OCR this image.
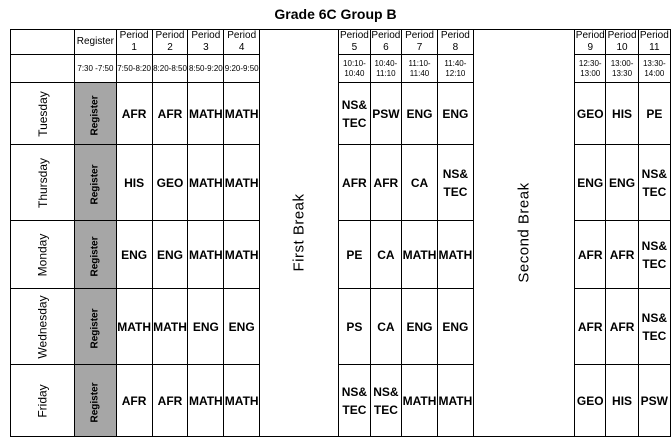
Grade 6C Group B
	Register	Period 1	Period 2	Period 3	Period 4	First Break	Period 5	Period 6	Period 7	Period 8	Second Break	Period 9	Period 10	Period 11
	7:30 -7:50	7:50-8:20	8:20-8:50	8:50-9:20	9:20-9:50		10:10-10:40	10:40-11:10	11:10-11:40	11:40-12:10		12:30-13:00	13:00-13:30	13:30-14:00
Tuesday	Register	AFR	AFR	MATH	MATH		NS& TEC	PSW	ENG	ENG		GEO	HIS	PE
Thursday	Register	HIS	GEO	MATH	MATH		AFR	AFR	CA	NS& TEC		ENG	ENG	NS& TEC
Monday	Register	ENG	ENG	MATH	MATH		PE	CA	MATH	MATH		AFR	AFR	NS& TEC
Wednesday	Register	MATH	MATH	ENG	ENG		PS	CA	ENG	ENG		AFR	AFR	NS& TEC
Friday	Register	AFR	AFR	MATH	MATH		NS& TEC	NS& TEC	MATH	MATH		GEO	HIS	PSW
